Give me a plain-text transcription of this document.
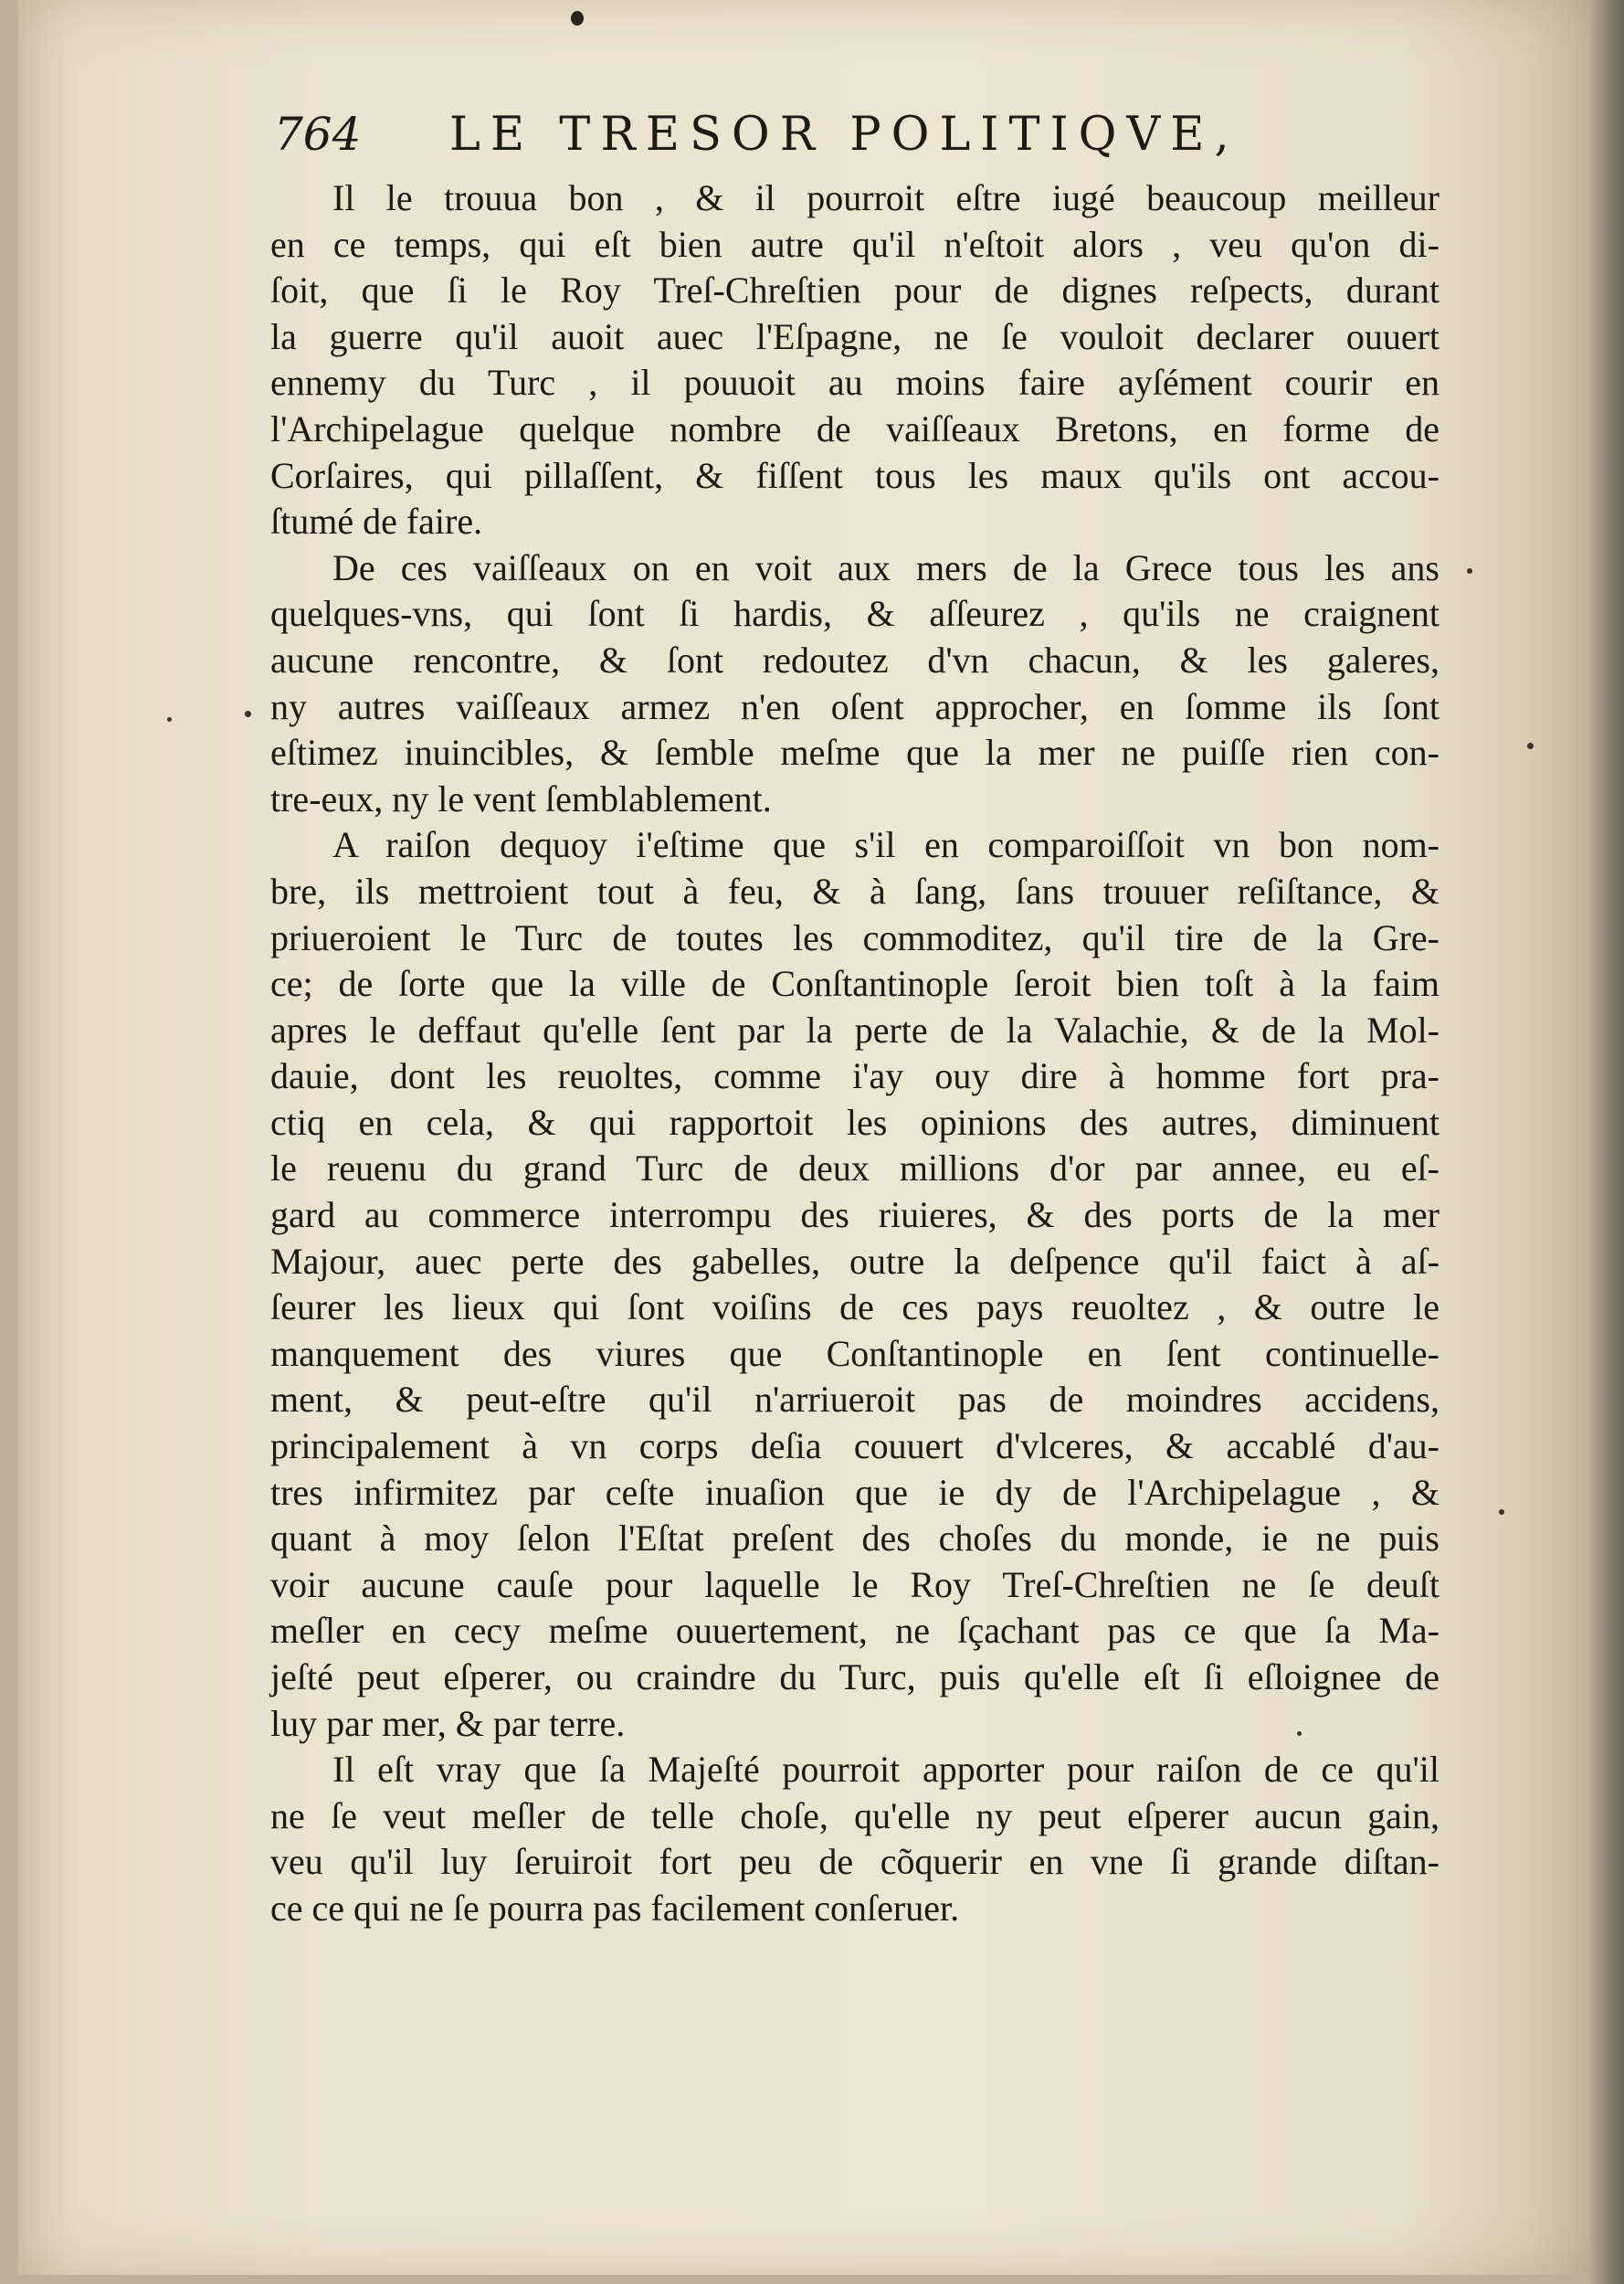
764 LE TRESOR POLITIQVE,
Il le trouua bon , & il pourroit eſtre iugé beaucoup meilleur
en ce temps, qui eſt bien autre qu'il n'eſtoit alors , veu qu'on di-
ſoit, que ſi le Roy Treſ-Chreſtien pour de dignes reſpects, durant
la guerre qu'il auoit auec l'Eſpagne, ne ſe vouloit declarer ouuert
ennemy du Turc , il pouuoit au moins faire ayſément courir en
l'Archipelague quelque nombre de vaiſſeaux Bretons, en forme de
Corſaires, qui pillaſſent, & fiſſent tous les maux qu'ils ont accou-
ſtumé de faire.
De ces vaiſſeaux on en voit aux mers de la Grece tous les ans
quelques-vns, qui ſont ſi hardis, & aſſeurez , qu'ils ne craignent
aucune rencontre, & ſont redoutez d'vn chacun, & les galeres,
ny autres vaiſſeaux armez n'en oſent approcher, en ſomme ils ſont
eſtimez inuincibles, & ſemble meſme que la mer ne puiſſe rien con-
tre-eux, ny le vent ſemblablement.
A raiſon dequoy i'eſtime que s'il en comparoiſſoit vn bon nom-
bre, ils mettroient tout à feu, & à ſang, ſans trouuer reſiſtance, &
priueroient le Turc de toutes les commoditez, qu'il tire de la Gre-
ce; de ſorte que la ville de Conſtantinople ſeroit bien toſt à la faim
apres le deffaut qu'elle ſent par la perte de la Valachie, & de la Mol-
dauie, dont les reuoltes, comme i'ay ouy dire à homme fort pra-
ctiq en cela, & qui rapportoit les opinions des autres, diminuent
le reuenu du grand Turc de deux millions d'or par annee, eu eſ-
gard au commerce interrompu des riuieres, & des ports de la mer
Majour, auec perte des gabelles, outre la deſpence qu'il faict à aſ-
ſeurer les lieux qui ſont voiſins de ces pays reuoltez , & outre le
manquement des viures que Conſtantinople en ſent continuelle-
ment, & peut-eſtre qu'il n'arriueroit pas de moindres accidens,
principalement à vn corps deſia couuert d'vlceres, & accablé d'au-
tres infirmitez par ceſte inuaſion que ie dy de l'Archipelague , &
quant à moy ſelon l'Eſtat preſent des choſes du monde, ie ne puis
voir aucune cauſe pour laquelle le Roy Treſ-Chreſtien ne ſe deuſt
meſler en cecy meſme ouuertement, ne ſçachant pas ce que ſa Ma-
jeſté peut eſperer, ou craindre du Turc, puis qu'elle eſt ſi eſloignee de
luy par mer, & par terre.
Il eſt vray que ſa Majeſté pourroit apporter pour raiſon de ce qu'il
ne ſe veut meſler de telle choſe, qu'elle ny peut eſperer aucun gain,
veu qu'il luy ſeruiroit fort peu de cõquerir en vne ſi grande diſtan-
ce ce qui ne ſe pourra pas facilement conſeruer.
